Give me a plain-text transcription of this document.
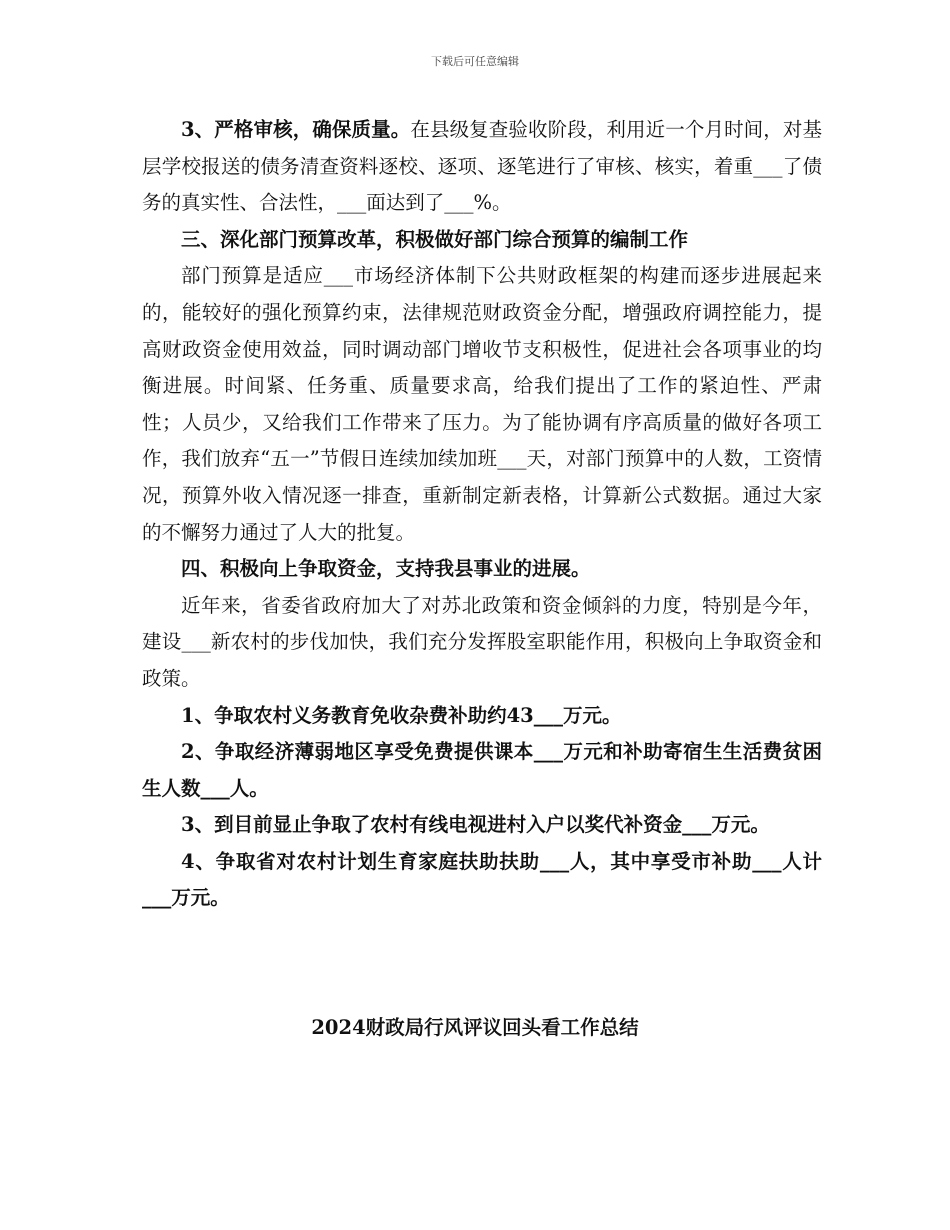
下载后可任意编辑

3、严格审核，确保质量。在县级复查验收阶段，利用近一个月时间，对基层学校报送的债务清查资料逐校、逐项、逐笔进行了审核、核实，着重___了债务的真实性、合法性，___面达到了___%。

三、深化部门预算改革，积极做好部门综合预算的编制工作

部门预算是适应___市场经济体制下公共财政框架的构建而逐步进展起来的，能较好的强化预算约束，法律规范财政资金分配，增强政府调控能力，提高财政资金使用效益，同时调动部门增收节支积极性，促进社会各项事业的均衡进展。时间紧、任务重、质量要求高，给我们提出了工作的紧迫性、严肃性；人员少，又给我们工作带来了压力。为了能协调有序高质量的做好各项工作，我们放弃“五一”节假日连续加续加班___天，对部门预算中的人数，工资情况，预算外收入情况逐一排查，重新制定新表格，计算新公式数据。通过大家的不懈努力通过了人大的批复。

四、积极向上争取资金，支持我县事业的进展。

近年来，省委省政府加大了对苏北政策和资金倾斜的力度，特别是今年，建设___新农村的步伐加快，我们充分发挥股室职能作用，积极向上争取资金和政策。

1、争取农村义务教育免收杂费补助约43___万元。

2、争取经济薄弱地区享受免费提供课本___万元和补助寄宿生生活费贫困生人数___人。

3、到目前显止争取了农村有线电视进村入户以奖代补资金___万元。

4、争取省对农村计划生育家庭扶助扶助___人，其中享受市补助___人计___万元。

2024财政局行风评议回头看工作总结
